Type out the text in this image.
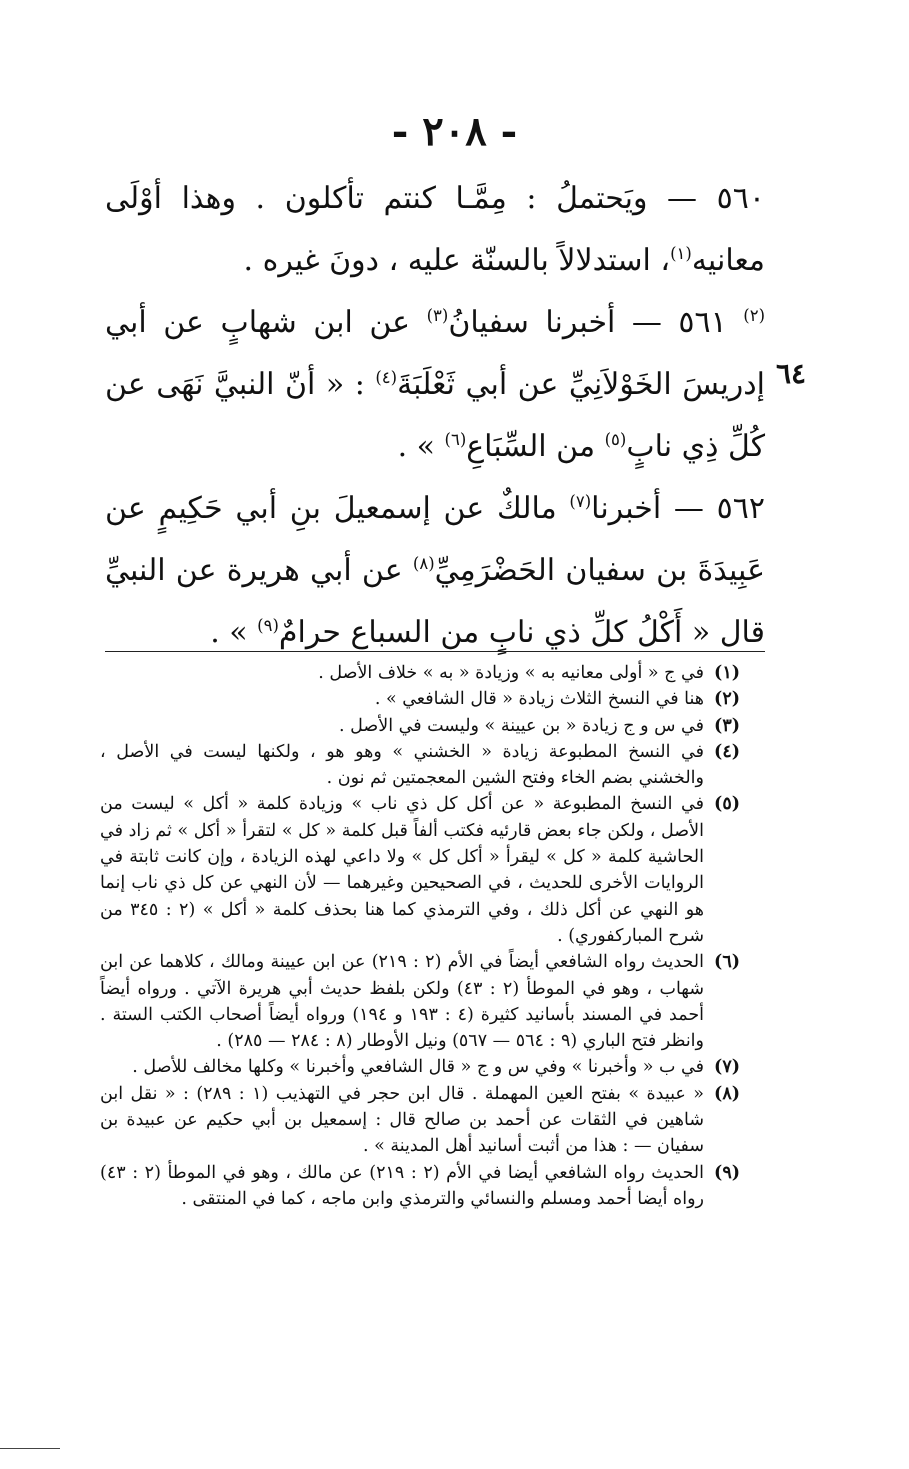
- ٢٠٨ -
٦٤

٥٦٠ — ويَحتملُ : مِمَّـا كنتم تأكلون . وهذا أوْلَى معانيه$^{(١)}$، استدلالاً بالسنّة عليه ، دونَ غيره .

$^{(٢)}$ ٥٦١ — أخبرنا سفيانُ$^{(٣)}$ عن ابن شهابٍ عن أبي إدريسَ الخَوْلاَنِيِّ عن أبي ثَعْلَبَةَ$^{(٤)}$ : « أنّ النبيَّ نَهَى عن كُلِّ ذِي نابٍ$^{(٥)}$ من السِّبَاعِ$^{(٦)}$ » .

٥٦٢ — أخبرنا$^{(٧)}$ مالكٌ عن إسمعيلَ بنِ أبي حَكِيمٍ عن عَبِيدَةَ بن سفيان الحَضْرَمِيِّ$^{(٨)}$ عن أبي هريرة عن النبيِّ قال « أَكْلُ كلِّ ذي نابٍ من السباع حرامٌ$^{(٩)}$ » .

(١)
في ج « أولى معانيه به » وزيادة « به » خلاف الأصل .
(٢)
هنا في النسخ الثلاث زيادة « قال الشافعي » .
(٣)
في س و ج زيادة « بن عيينة » وليست في الأصل .
(٤)
في النسخ المطبوعة زيادة « الخشني » وهو هو ، ولكنها ليست في الأصل ، والخشني بضم الخاء وفتح الشين المعجمتين ثم نون .
(٥)
في النسخ المطبوعة « عن أكل كل ذي ناب » وزيادة كلمة « أكل » ليست من الأصل ، ولكن جاء بعض قارئيه فكتب ألفاً قبل كلمة « كل » لتقرأ « أكل » ثم زاد في الحاشية كلمة « كل » ليقرأ « أكل كل » ولا داعي لهذه الزيادة ، وإن كانت ثابتة في الروايات الأخرى للحديث ، في الصحيحين وغيرهما — لأن النهي عن كل ذي ناب إنما هو النهي عن أكل ذلك ، وفي الترمذي كما هنا بحذف كلمة « أكل » (٢ : ٣٤٥ من شرح المباركفوري) .
(٦)
الحديث رواه الشافعي أيضاً في الأم (٢ : ٢١٩) عن ابن عيينة ومالك ، كلاهما عن ابن شهاب ، وهو في الموطأ (٢ : ٤٣) ولكن بلفظ حديث أبي هريرة الآتي . ورواه أيضاً أحمد في المسند بأسانيد كثيرة (٤ : ١٩٣ و ١٩٤) ورواه أيضاً أصحاب الكتب الستة . وانظر فتح الباري (٩ : ٥٦٤ — ٥٦٧) ونيل الأوطار (٨ : ٢٨٤ — ٢٨٥) .
(٧)
في ب « وأخبرنا » وفي س و ج « قال الشافعي وأخبرنا » وكلها مخالف للأصل .
(٨)
« عبيدة » بفتح العين المهملة . قال ابن حجر في التهذيب (١ : ٢٨٩) : « نقل ابن شاهين في الثقات عن أحمد بن صالح قال : إسمعيل بن أبي حكيم عن عبيدة بن سفيان — : هذا من أثبت أسانيد أهل المدينة » .
(٩)
الحديث رواه الشافعي أيضا في الأم (٢ : ٢١٩) عن مالك ، وهو في الموطأ (٢ : ٤٣) رواه أيضا أحمد ومسلم والنسائي والترمذي وابن ماجه ، كما في المنتقى .
